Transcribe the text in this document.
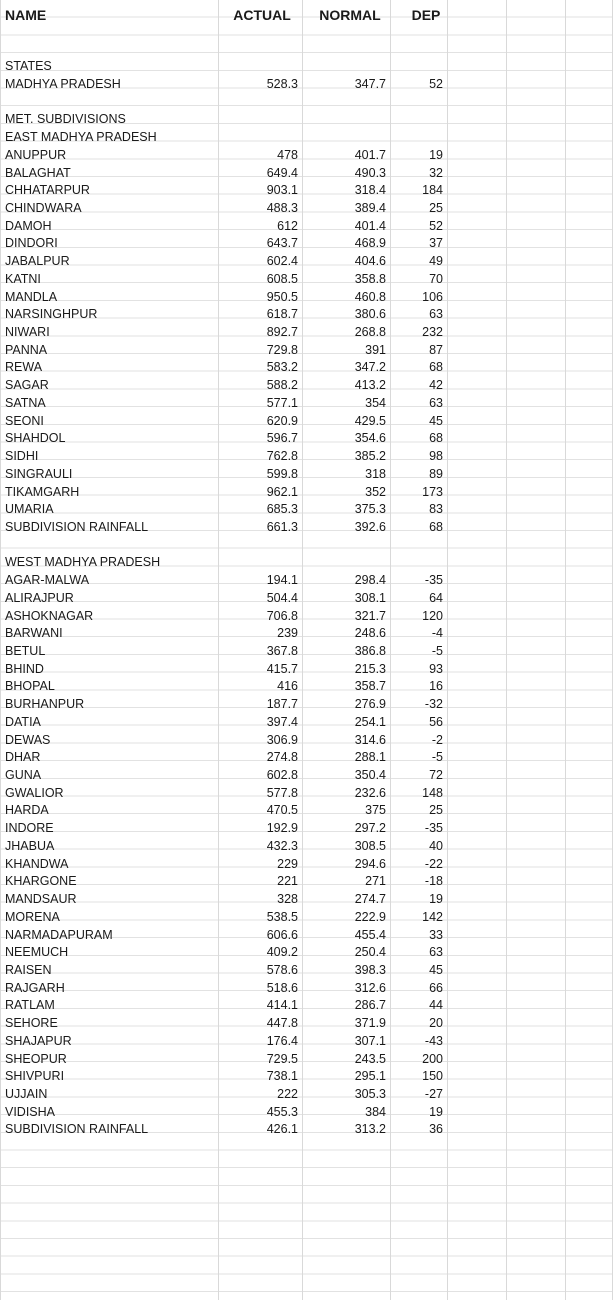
NAME	ACTUAL	NORMAL	DEP
STATES
MADHYA PRADESH	528.3	347.7	52
MET. SUBDIVISIONS
EAST MADHYA PRADESH
ANUPPUR	478	401.7	19
BALAGHAT	649.4	490.3	32
CHHATARPUR	903.1	318.4	184
CHINDWARA	488.3	389.4	25
DAMOH	612	401.4	52
DINDORI	643.7	468.9	37
JABALPUR	602.4	404.6	49
KATNI	608.5	358.8	70
MANDLA	950.5	460.8	106
NARSINGHPUR	618.7	380.6	63
NIWARI	892.7	268.8	232
PANNA	729.8	391	87
REWA	583.2	347.2	68
SAGAR	588.2	413.2	42
SATNA	577.1	354	63
SEONI	620.9	429.5	45
SHAHDOL	596.7	354.6	68
SIDHI	762.8	385.2	98
SINGRAULI	599.8	318	89
TIKAMGARH	962.1	352	173
UMARIA	685.3	375.3	83
SUBDIVISION RAINFALL	661.3	392.6	68
WEST MADHYA PRADESH
AGAR-MALWA	194.1	298.4	-35
ALIRAJPUR	504.4	308.1	64
ASHOKNAGAR	706.8	321.7	120
BARWANI	239	248.6	-4
BETUL	367.8	386.8	-5
BHIND	415.7	215.3	93
BHOPAL	416	358.7	16
BURHANPUR	187.7	276.9	-32
DATIA	397.4	254.1	56
DEWAS	306.9	314.6	-2
DHAR	274.8	288.1	-5
GUNA	602.8	350.4	72
GWALIOR	577.8	232.6	148
HARDA	470.5	375	25
INDORE	192.9	297.2	-35
JHABUA	432.3	308.5	40
KHANDWA	229	294.6	-22
KHARGONE	221	271	-18
MANDSAUR	328	274.7	19
MORENA	538.5	222.9	142
NARMADAPURAM	606.6	455.4	33
NEEMUCH	409.2	250.4	63
RAISEN	578.6	398.3	45
RAJGARH	518.6	312.6	66
RATLAM	414.1	286.7	44
SEHORE	447.8	371.9	20
SHAJAPUR	176.4	307.1	-43
SHEOPUR	729.5	243.5	200
SHIVPURI	738.1	295.1	150
UJJAIN	222	305.3	-27
VIDISHA	455.3	384	19
SUBDIVISION RAINFALL	426.1	313.2	36
